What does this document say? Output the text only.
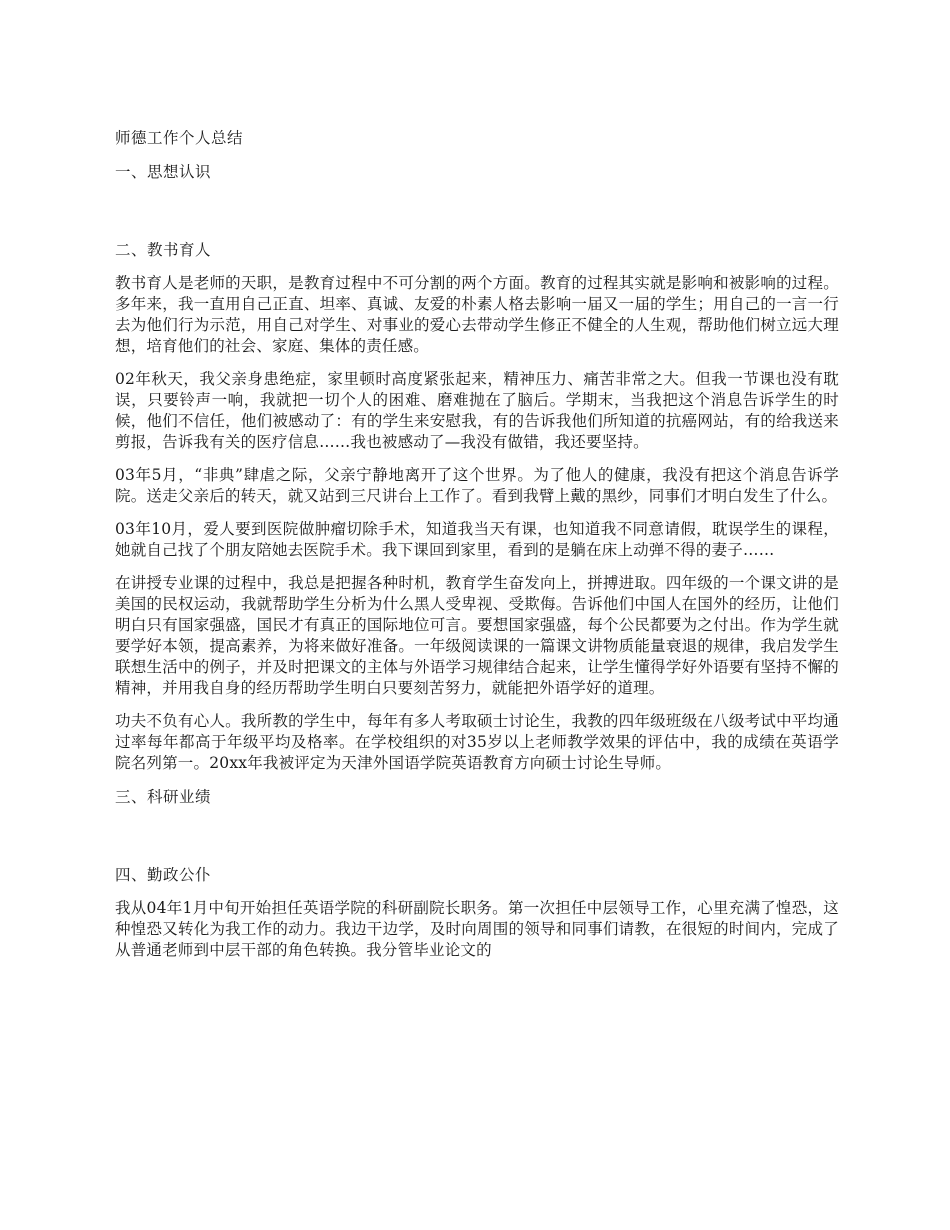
师德工作个人总结
一、思想认识
二、教书育人

教书育人是老师的天职，是教育过程中不可分割的两个方面。教育的过程其实就是影响和被影响的过程。多年来，我一直用自己正直、坦率、真诚、友爱的朴素人格去影响一届又一届的学生；用自己的一言一行去为他们行为示范，用自己对学生、对事业的爱心去带动学生修正不健全的人生观，帮助他们树立远大理想，培育他们的社会、家庭、集体的责任感。

02年秋天，我父亲身患绝症，家里顿时高度紧张起来，精神压力、痛苦非常之大。但我一节课也没有耽误，只要铃声一响，我就把一切个人的困难、磨难抛在了脑后。学期末，当我把这个消息告诉学生的时候，他们不信任，他们被感动了：有的学生来安慰我，有的告诉我他们所知道的抗癌网站，有的给我送来剪报，告诉我有关的医疗信息……我也被感动了—我没有做错，我还要坚持。

03年5月，“非典”肆虐之际，父亲宁静地离开了这个世界。为了他人的健康，我没有把这个消息告诉学院。送走父亲后的转天，就又站到三尺讲台上工作了。看到我臂上戴的黑纱，同事们才明白发生了什么。

03年10月，爱人要到医院做肿瘤切除手术，知道我当天有课，也知道我不同意请假，耽误学生的课程，她就自己找了个朋友陪她去医院手术。我下课回到家里，看到的是躺在床上动弹不得的妻子……

在讲授专业课的过程中，我总是把握各种时机，教育学生奋发向上，拼搏进取。四年级的一个课文讲的是美国的民权运动，我就帮助学生分析为什么黑人受卑视、受欺侮。告诉他们中国人在国外的经历，让他们明白只有国家强盛，国民才有真正的国际地位可言。要想国家强盛，每个公民都要为之付出。作为学生就要学好本领，提高素养，为将来做好准备。一年级阅读课的一篇课文讲物质能量衰退的规律，我启发学生联想生活中的例子，并及时把课文的主体与外语学习规律结合起来，让学生懂得学好外语要有坚持不懈的精神，并用我自身的经历帮助学生明白只要刻苦努力，就能把外语学好的道理。

功夫不负有心人。我所教的学生中，每年有多人考取硕士讨论生，我教的四年级班级在八级考试中平均通过率每年都高于年级平均及格率。在学校组织的对35岁以上老师教学效果的评估中，我的成绩在英语学院名列第一。20xx年我被评定为天津外国语学院英语教育方向硕士讨论生导师。

三、科研业绩
四、勤政公仆

我从04年1月中旬开始担任英语学院的科研副院长职务。第一次担任中层领导工作，心里充满了惶恐，这种惶恐又转化为我工作的动力。我边干边学，及时向周围的领导和同事们请教，在很短的时间内，完成了从普通老师到中层干部的角色转换。我分管毕业论文的
